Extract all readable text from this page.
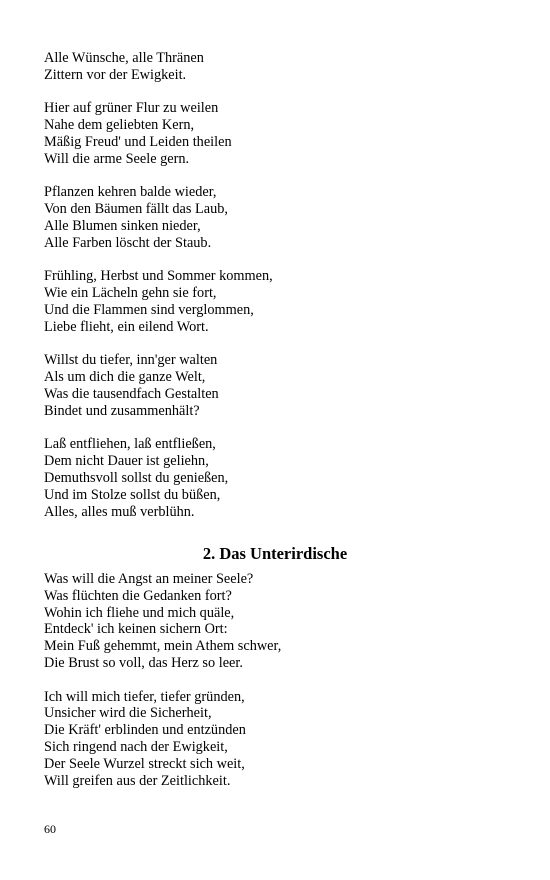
Alle Wünsche, alle Thränen
Zittern vor der Ewigkeit.
Hier auf grüner Flur zu weilen
Nahe dem geliebten Kern,
Mäßig Freud' und Leiden theilen
Will die arme Seele gern.
Pflanzen kehren balde wieder,
Von den Bäumen fällt das Laub,
Alle Blumen sinken nieder,
Alle Farben löscht der Staub.
Frühling, Herbst und Sommer kommen,
Wie ein Lächeln gehn sie fort,
Und die Flammen sind verglommen,
Liebe flieht, ein eilend Wort.
Willst du tiefer, inn'ger walten
Als um dich die ganze Welt,
Was die tausendfach Gestalten
Bindet und zusammenhält?
Laß entfliehen, laß entfließen,
Dem nicht Dauer ist geliehn,
Demuthsvoll sollst du genießen,
Und im Stolze sollst du büßen,
Alles, alles muß verblühn.
2. Das Unterirdische
Was will die Angst an meiner Seele?
Was flüchten die Gedanken fort?
Wohin ich fliehe und mich quäle,
Entdeck' ich keinen sichern Ort:
Mein Fuß gehemmt, mein Athem schwer,
Die Brust so voll, das Herz so leer.
Ich will mich tiefer, tiefer gründen,
Unsicher wird die Sicherheit,
Die Kräft' erblinden und entzünden
Sich ringend nach der Ewigkeit,
Der Seele Wurzel streckt sich weit,
Will greifen aus der Zeitlichkeit.
60
